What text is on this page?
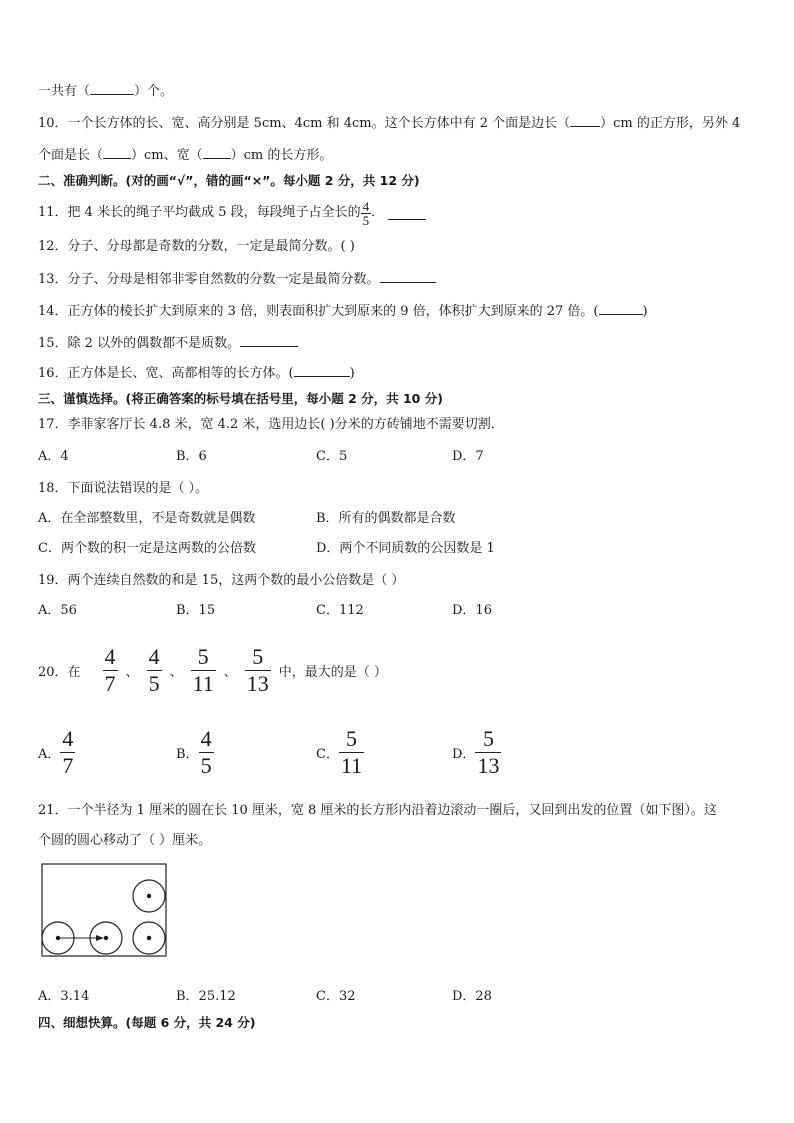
一共有（	）个。
10．一个长方体的长、宽、高分别是 5cm、4cm 和 4cm。这个长方体中有 2 个面是边长（ ）cm 的正方形，另外 4
个面是长（ ）cm、宽（ ）cm 的长方形。
二、准确判断。(对的画“√”，错的画“×”。每小题 2 分，共 12 分)
11．把 4 米长的绳子平均截成 5 段，每段绳子占全长的 $\frac{4}{5}$ ．
12．分子、分母都是奇数的分数，一定是最简分数。( )
13．分子、分母是相邻非零自然数的分数一定是最简分数。
14．正方体的棱长扩大到原来的 3 倍，则表面积扩大到原来的 9 倍，体积扩大到原来的 27 倍。(	)
15．除 2 以外的偶数都不是质数。
16．正方体是长、宽、高都相等的长方体。(	)
三、谨慎选择。(将正确答案的标号填在括号里，每小题 2 分，共 10 分)
17．李菲家客厅长 4.8 米，宽 4.2 米，选用边长( )分米的方砖铺地不需要切割．
A．4	B．6	C．5	D．7
18．下面说法错误的是（ ）。
A．在全部整数里，不是奇数就是偶数	B．所有的偶数都是合数
C．两个数的积一定是这两数的公倍数	D．两个不同质数的公因数是 1
19．两个连续自然数的和是 15，这两个数的最小公倍数是（ ）
A．56	B．15	C．112	D．16
20．在 $\frac{4}{7}$ 、 $\frac{4}{5}$ 、 $\frac{5}{11}$ 、 $\frac{5}{13}$ 中，最大的是（ ）
A． $\frac{4}{7}$	B． $\frac{4}{5}$	C． $\frac{5}{11}$	D． $\frac{5}{13}$
21．一个半径为 1 厘米的圆在长 10 厘米，宽 8 厘米的长方形内沿着边滚动一圈后，又回到出发的位置（如下图）。这
个圆的圆心移动了（ ）厘米。
A．3.14	B．25.12	C．32	D．28
四、细想快算。(每题 6 分，共 24 分)
